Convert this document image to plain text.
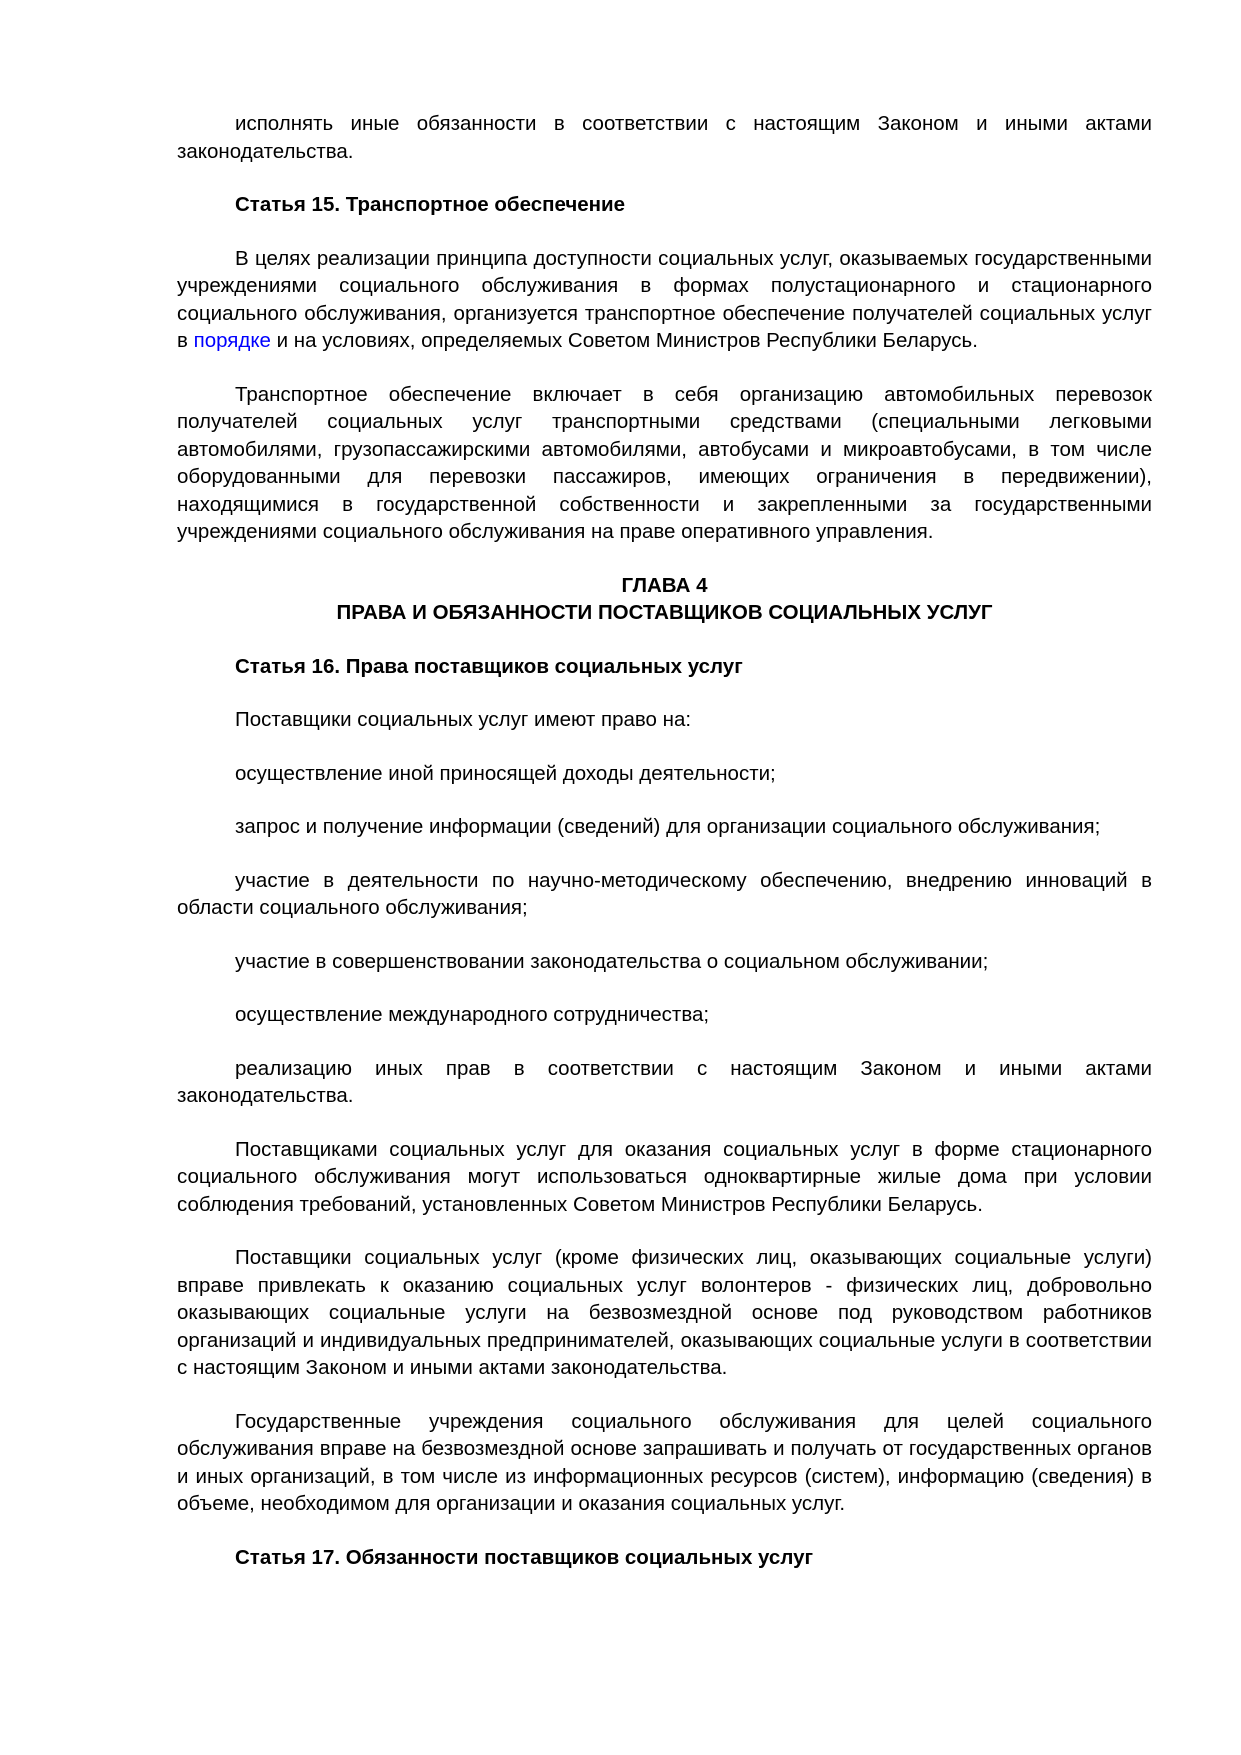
исполнять иные обязанности в соответствии с настоящим Законом и иными актами законодательства.

Статья 15. Транспортное обеспечение

В целях реализации принципа доступности социальных услуг, оказываемых государственными учреждениями социального обслуживания в формах полустационарного и стационарного социального обслуживания, организуется транспортное обеспечение получателей социальных услуг в порядке и на условиях, определяемых Советом Министров Республики Беларусь.

Транспортное обеспечение включает в себя организацию автомобильных перевозок получателей социальных услуг транспортными средствами (специальными легковыми автомобилями, грузопассажирскими автомобилями, автобусами и микроавтобусами, в том числе оборудованными для перевозки пассажиров, имеющих ограничения в передвижении), находящимися в государственной собственности и закрепленными за государственными учреждениями социального обслуживания на праве оперативного управления.

ГЛАВА 4

ПРАВА И ОБЯЗАННОСТИ ПОСТАВЩИКОВ СОЦИАЛЬНЫХ УСЛУГ

Статья 16. Права поставщиков социальных услуг

Поставщики социальных услуг имеют право на:

осуществление иной приносящей доходы деятельности;

запрос и получение информации (сведений) для организации социального обслуживания;

участие в деятельности по научно-методическому обеспечению, внедрению инноваций в области социального обслуживания;

участие в совершенствовании законодательства о социальном обслуживании;

осуществление международного сотрудничества;

реализацию иных прав в соответствии с настоящим Законом и иными актами законодательства.

Поставщиками социальных услуг для оказания социальных услуг в форме стационарного социального обслуживания могут использоваться одноквартирные жилые дома при условии соблюдения требований, установленных Советом Министров Республики Беларусь.

Поставщики социальных услуг (кроме физических лиц, оказывающих социальные услуги) вправе привлекать к оказанию социальных услуг волонтеров - физических лиц, добровольно оказывающих социальные услуги на безвозмездной основе под руководством работников организаций и индивидуальных предпринимателей, оказывающих социальные услуги в соответствии с настоящим Законом и иными актами законодательства.

Государственные учреждения социального обслуживания для целей социального обслуживания вправе на безвозмездной основе запрашивать и получать от государственных органов и иных организаций, в том числе из информационных ресурсов (систем), информацию (сведения) в объеме, необходимом для организации и оказания социальных услуг.

Статья 17. Обязанности поставщиков социальных услуг
